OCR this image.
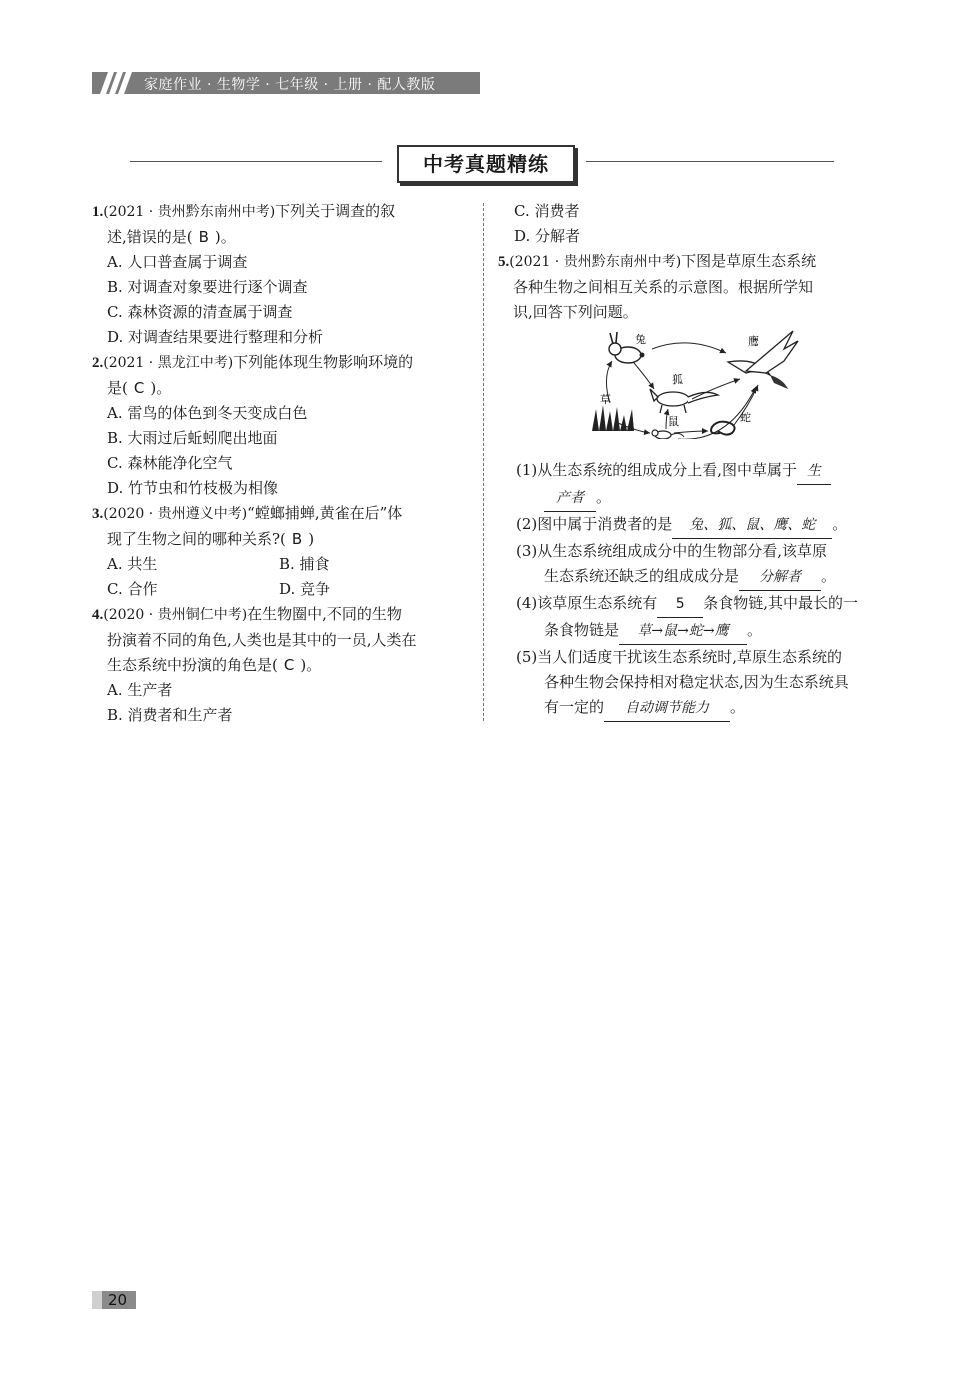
家庭作业 · 生物学 · 七年级 · 上册 · 配人教版
中考真题精练
1.(2021 · 贵州黔东南州中考)下列关于调查的叙
述,错误的是( B )。
A. 人口普查属于调查
B. 对调查对象要进行逐个调查
C. 森林资源的清查属于调查
D. 对调查结果要进行整理和分析
2.(2021 · 黑龙江中考)下列能体现生物影响环境的
是( C )。
A. 雷鸟的体色到冬天变成白色
B. 大雨过后蚯蚓爬出地面
C. 森林能净化空气
D. 竹节虫和竹枝极为相像
3.(2020 · 贵州遵义中考)“螳螂捕蝉,黄雀在后”体
现了生物之间的哪种关系?( B )
A. 共生	B. 捕食
C. 合作	D. 竞争
4.(2020 · 贵州铜仁中考)在生物圈中,不同的生物
扮演着不同的角色,人类也是其中的一员,人类在
生态系统中扮演的角色是( C )。
A. 生产者
B. 消费者和生产者
C. 消费者
D. 分解者
5.(2021 · 贵州黔东南州中考)下图是草原生态系统
各种生物之间相互关系的示意图。根据所学知
识,回答下列问题。
(1)从生态系统的组成成分上看,图中草属于 生
产者 。
(2)图中属于消费者的是 兔、狐、鼠、鹰、蛇 。
(3)从生态系统组成成分中的生物部分看,该草原
生态系统还缺乏的组成成分是 分解者 。
(4)该草原生态系统有 5 条食物链,其中最长的一
条食物链是 草→鼠→蛇→鹰 。
(5)当人们适度干扰该生态系统时,草原生态系统的
各种生物会保持相对稳定状态,因为生态系统具
有一定的 自动调节能力 。
兔	鹰
狐
草
鼠	蛇
20
